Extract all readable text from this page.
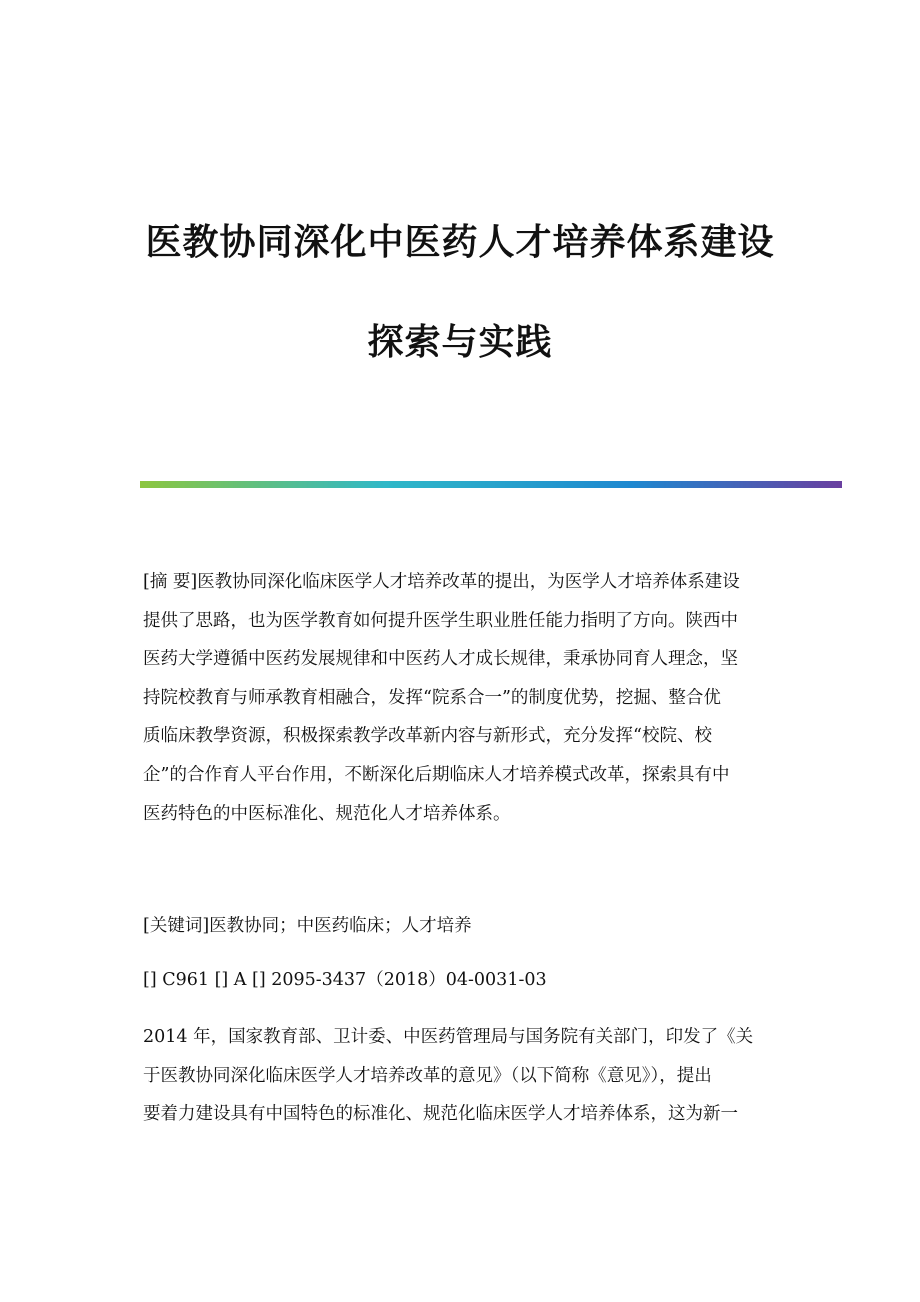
医教协同深化中医药人才培养体系建设
探索与实践
[摘 要]医教协同深化临床医学人才培养改革的提出，为医学人才培养体系建设
提供了思路，也为医学教育如何提升医学生职业胜任能力指明了方向。陕西中
医药大学遵循中医药发展规律和中医药人才成长规律，秉承协同育人理念，坚
持院校教育与师承教育相融合，发挥“院系合一”的制度优势，挖掘、整合优
质临床教學资源，积极探索教学改革新内容与新形式，充分发挥“校院、校
企”的合作育人平台作用，不断深化后期临床人才培养模式改革，探索具有中
医药特色的中医标准化、规范化人才培养体系。
[关键词]医教协同；中医药临床；人才培养
[] C961 [] A [] 2095-3437（2018）04-0031-03
2014 年，国家教育部、卫计委、中医药管理局与国务院有关部门，印发了《关
于医教协同深化临床医学人才培养改革的意见》（以下简称《意见》），提出
要着力建设具有中国特色的标准化、规范化临床医学人才培养体系，这为新一
